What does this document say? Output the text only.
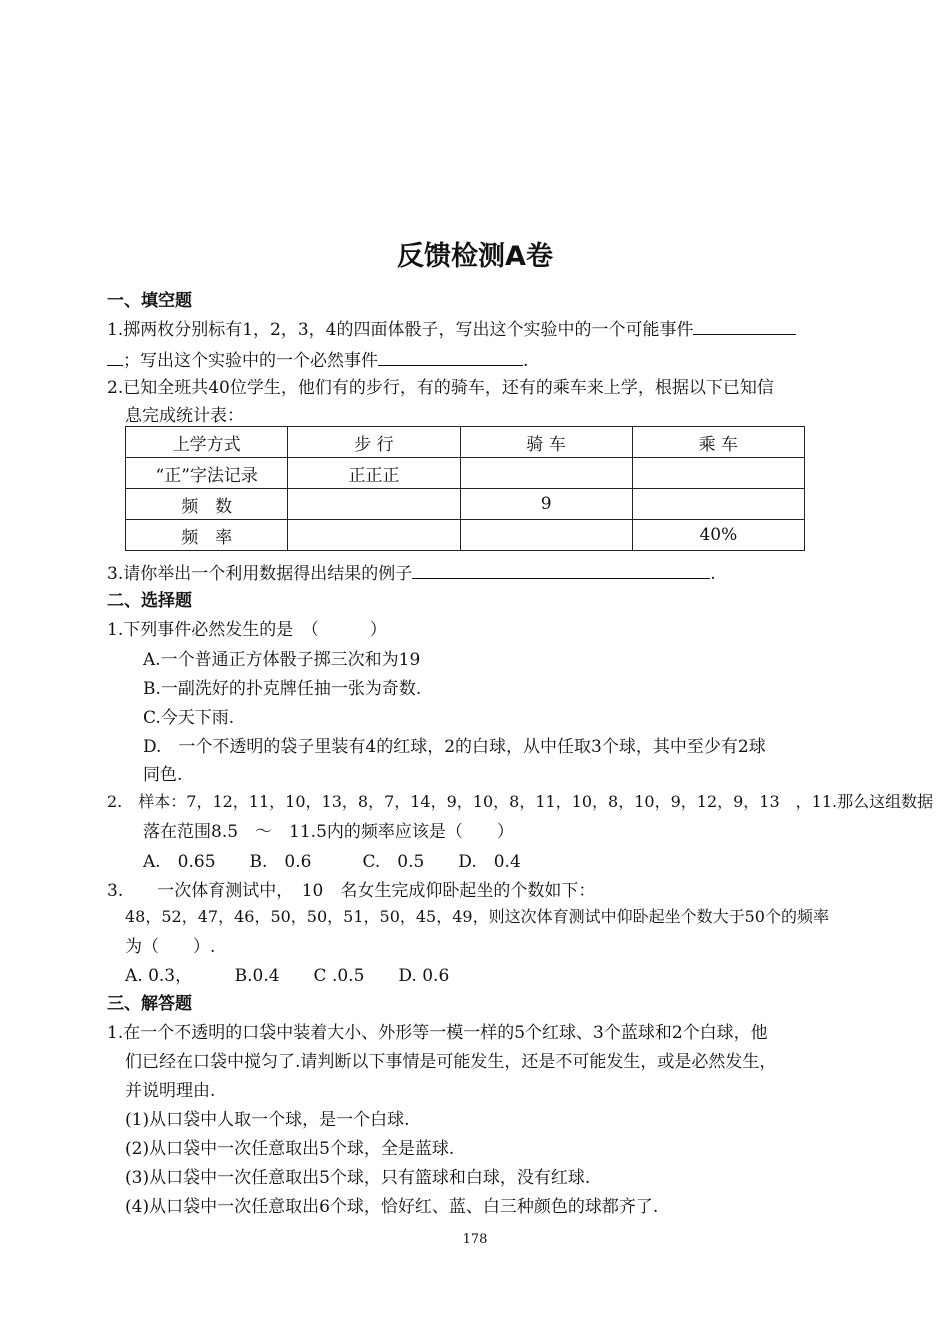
反馈检测A卷
一、填空题
1.掷两枚分别标有1，2，3，4的四面体骰子，写出这个实验中的一个可能事件
；写出这个实验中的一个必然事件	.
2.已知全班共40位学生，他们有的步行，有的骑车，还有的乘车来上学，根据以下已知信
息完成统计表：
上学方式	步 行	骑 车	乘 车
“正”字法记录	正正正		
频　数		9	
频　率			40%
3.请你举出一个利用数据得出结果的例子	.
二、选择题
1.下列事件必然发生的是　（　　　）
A.一个普通正方体骰子掷三次和为19
B.一副洗好的扑克牌任抽一张为奇数.
C.今天下雨.
D.　一个不透明的袋子里装有4的红球，2的白球，从中任取3个球，其中至少有2球
同色.
2.　样本：7，12，11，10，13，8，7，14，9，10，8，11，10，8，10，9，12，9，13　，11.那么这组数据
落在范围8.5　～　11.5内的频率应该是（　　）
A.　0.65　　B.　0.6　　　C.　0.5　　D.　0.4
3.　　一次体育测试中，　10　名女生完成仰卧起坐的个数如下：
48，52，47，46，50，50，51，50，45，49，则这次体育测试中仰卧起坐个数大于50个的频率
为（　　）.
A. 0.3，　　　B.0.4　　C .0.5　　D. 0.6
三、解答题
1.在一个不透明的口袋中装着大小、外形等一模一样的5个红球、3个蓝球和2个白球，他
们已经在口袋中搅匀了.请判断以下事情是可能发生，还是不可能发生，或是必然发生，
并说明理由.
(1)从口袋中人取一个球，是一个白球.
(2)从口袋中一次任意取出5个球，全是蓝球.
(3)从口袋中一次任意取出5个球，只有篮球和白球，没有红球.
(4)从口袋中一次任意取出6个球，恰好红、蓝、白三种颜色的球都齐了.
178
